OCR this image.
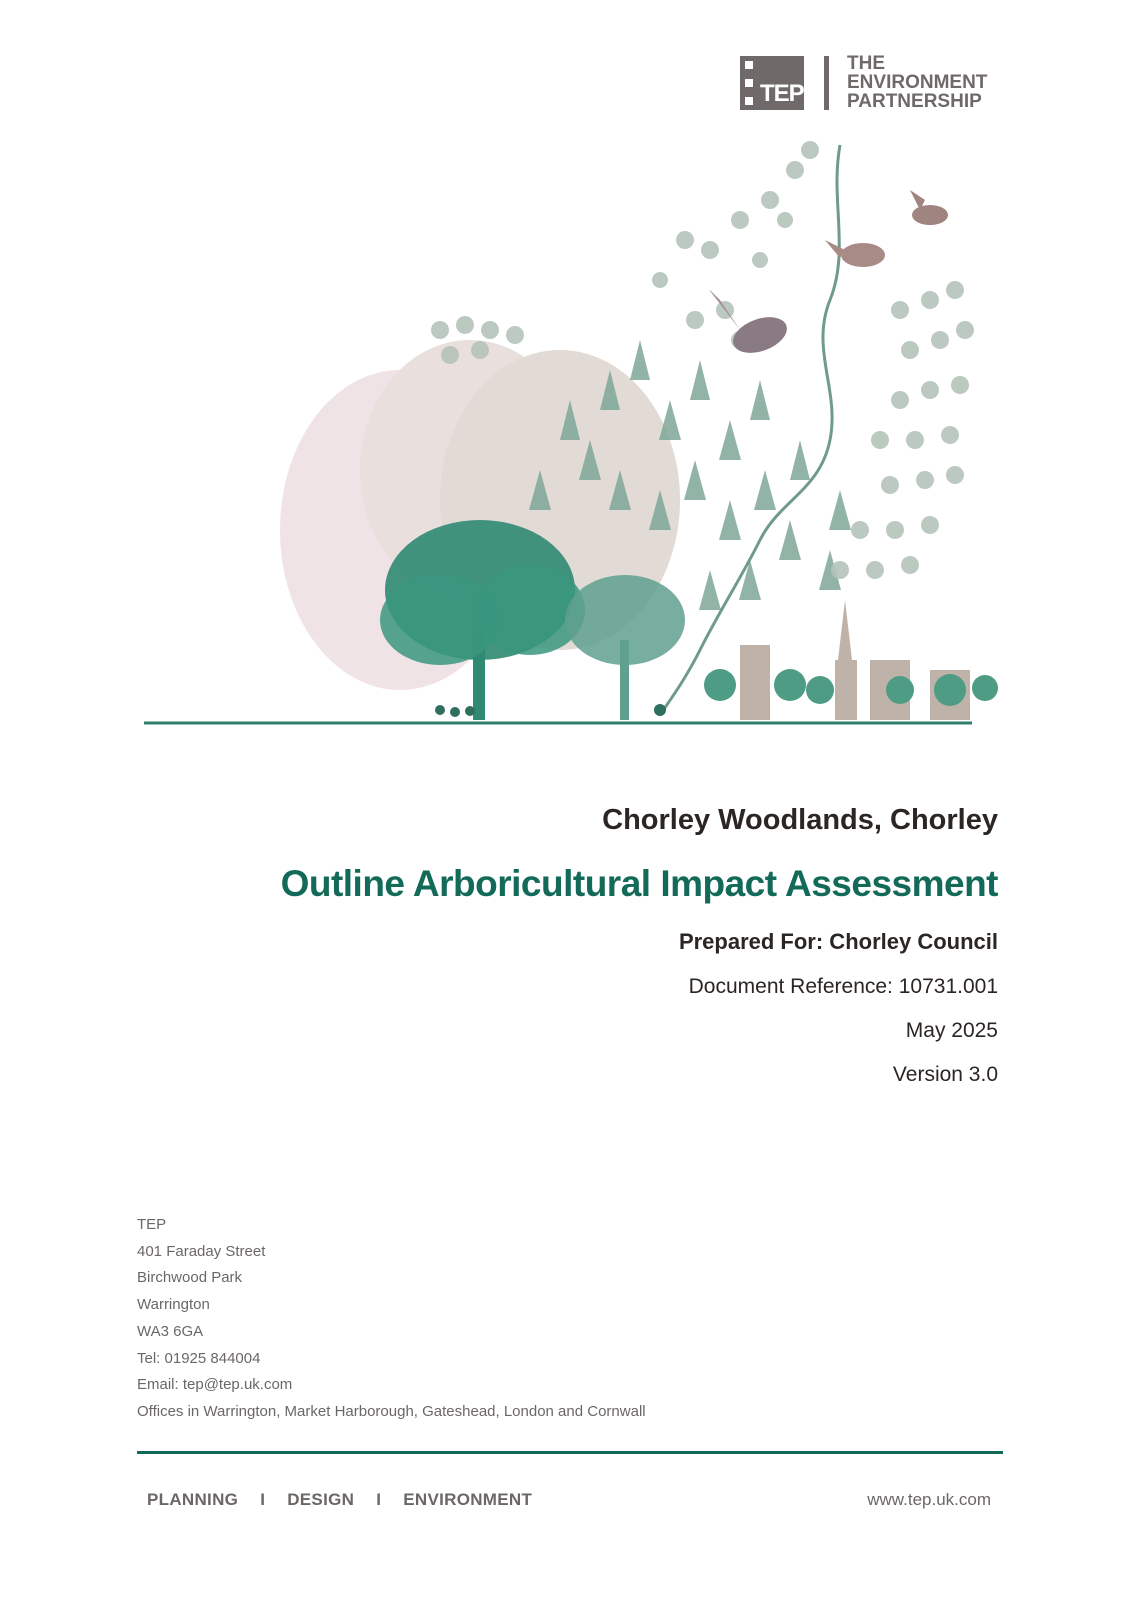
TEP
THE
ENVIRONMENT
PARTNERSHIP

Chorley Woodlands, Chorley

Outline Arboricultural Impact Assessment

Prepared For: Chorley Council

Document Reference: 10731.001

May 2025

Version 3.0

TEP
401 Faraday Street
Birchwood Park
Warrington
WA3 6GA
Tel: 01925 844004
Email: tep@tep.uk.com
Offices in Warrington, Market Harborough, Gateshead, London and Cornwall
PLANNING I DESIGN I ENVIRONMENT	www.tep.uk.com
